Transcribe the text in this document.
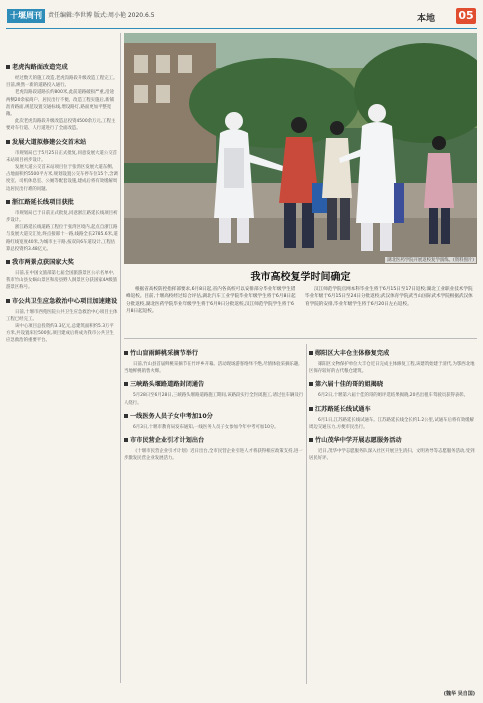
十堰周刊	责任编辑:李世博 版式:周小艳 2020.6.5	本地 05
湖北医药学院开展返校复学演练。(资料图片)
我市高校复学时间确定
根据省高校防控指挥部要求,6月8日起,省内各高校可以安排部分毕业年级学生错峰返校。目前,十堰高校经过综合评估,湖北汽车工业学院毕业年级学生将于6月8日起分批返校,湖北医药学院毕业年级学生将于6月9日分批返校,汉江师范学院学生将于6月8日起返校。
汉江师范学院官网本科毕业生将于6月15日至17日返校;湖北工业职业技术学院毕业年级于6月15日至24日分批返校;武汉体育学院武当山国际武术学院根据武汉体育学院的安排,毕业年级学生将于6月20日左右返校。
老虎沟路面改造完成

经过数天的施工改造,老虎沟路段升级改造工程完工。目前,焕然一新的道路投入通行。

老虎沟路段道路长约800米,此前道路破损严重,沿途两侧20余家商户、居民出行不便。改造工程实施后,新铺沥青路面,规范设置交通标线,增设路灯,路面更加平整宽敞。

此次老虎沟路段升级改造总投资4500余万元,工程主要对车行道、人行道进行了全面改造。

发展大道拟修建公交首末站

市规划局已于5月25日正式批复,同意发展大道公交首末站项目初步设计。

发展大道公交首末站项目位于张湾区发展大道东侧、占地面积约5500平方米,规划设置公交车停车位15个,含调度室、司机休息室、公厕等配套设施,建成后将有效缓解周边居民出行难的问题。

浙江路延长线项目获批

市规划局已于日前正式批复,同意浙江路延长线项目初步设计。

浙江路延长线道路工程位于张湾区境内,起点自浙江路与发展大道交汇处,终点接郧十一路,线路全长2785.6米,道路红线宽度40米,为城市主干路,按双向6车道设计,工程估算总投资约3.48亿元。

我市两景点获国家大奖

日前,在中国文旅部第七届全国旅游景区公示名单中,我市竹山县女娲山景区和房县野人洞景区分获国家4A级旅游景区称号。

市公共卫生应急救治中心项目加速建设

日前,十堰市西苑医院公共卫生应急救治中心项目主体工程已经完工。

该中心项目总投资约3.3亿元,总建筑面积约5.3万平方米,共设置床位500张,项目建成后将成为我市公共卫生应急救治的重要平台。

竹山盲雨鲜桃采摘节举行

日前,竹山县首届鲜桃采摘节在竹坪乡开幕。活动现场游客络绎不绝,尽情体验采摘乐趣,当地鲜桃销售火爆。

三峡路头堰路道路封闭通告

5月28日至6月28日,三峡路头堰路道路施工期间,该路段实行全封闭施工,请过往车辆及行人绕行。

一线医务人员子女中考加10分

6月3日,十堰市教育局发布通知,一线医务人员子女参加今年中考可加10分。

市市民营企业引才计划出台

《十堰市民营企业引才计划》近日出台,全市民营企业引进人才将获得相应政策支持,进一步激发民营企业发展活力。

郧阳区大丰仓主体修复完成

郧阳区文物保护单位大丰仓近日完成主体修复工程,该建筑始建于清代,为鄂西北地区保存较好的古代粮仓建筑。

第六届十佳的哥的姐揭晓

6月2日,十堰第六届十佳的哥的姐评选结果揭晓,20名出租车驾驶员获得表彰。

江苏路延长线试通车

6月1日,江苏路延长线试通车。江苏路延长线全长约1.2公里,试通车后将有效缓解周边交通压力,方便市民出行。

竹山茂华中学开展志愿服务活动

近日,茂华中学志愿服务队深入社区开展卫生清扫、文明劝导等志愿服务活动,受到居民好评。

(魏华 吴自国)
